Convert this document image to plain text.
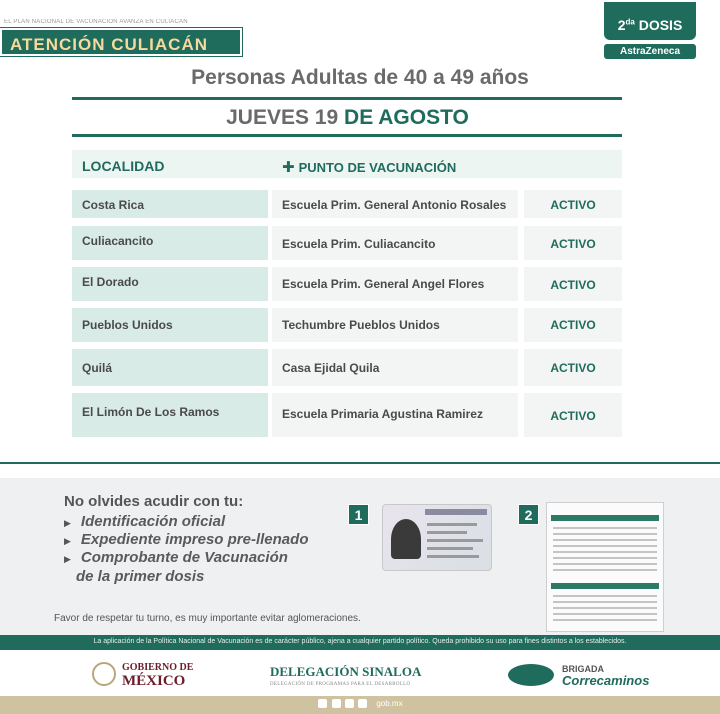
EL PLAN NACIONAL DE VACUNACIÓN AVANZA EN CULIACÁN
ATENCIÓN CULIACÁN
$2^{da}$ DOSIS
AstraZeneca
Personas Adultas de 40 a 49 años
JUEVES 19 DE AGOSTO
LOCALIDAD	✚ PUNTO DE VACUNACIÓN
Costa Rica	Escuela Prim. General Antonio Rosales	ACTIVO
Culiacancito	Escuela Prim. Culiacancito	ACTIVO
El Dorado	Escuela Prim. General Angel Flores	ACTIVO
Pueblos Unidos	Techumbre Pueblos Unidos	ACTIVO
Quilá	Casa Ejidal Quila	ACTIVO
El Limón De Los Ramos	Escuela Primaria Agustina Ramirez	ACTIVO
No olvides acudir con tu:
▶ Identificación oficial
▶ Expediente impreso pre-llenado
▶ Comprobante de Vacunación
de la primer dosis
Favor de respetar tu turno, es muy importante evitar aglomeraciones.
1	2
La aplicación de la Política Nacional de Vacunación es de carácter público, ajena a cualquier partido político. Queda prohibido su uso para fines distintos a los establecidos.
GOBIERNO DE
MÉXICO
DELEGACIÓN SINALOA
DELEGACIÓN DE PROGRAMAS PARA EL DESARROLLO
BRIGADA
Correcaminos
gob.mx
